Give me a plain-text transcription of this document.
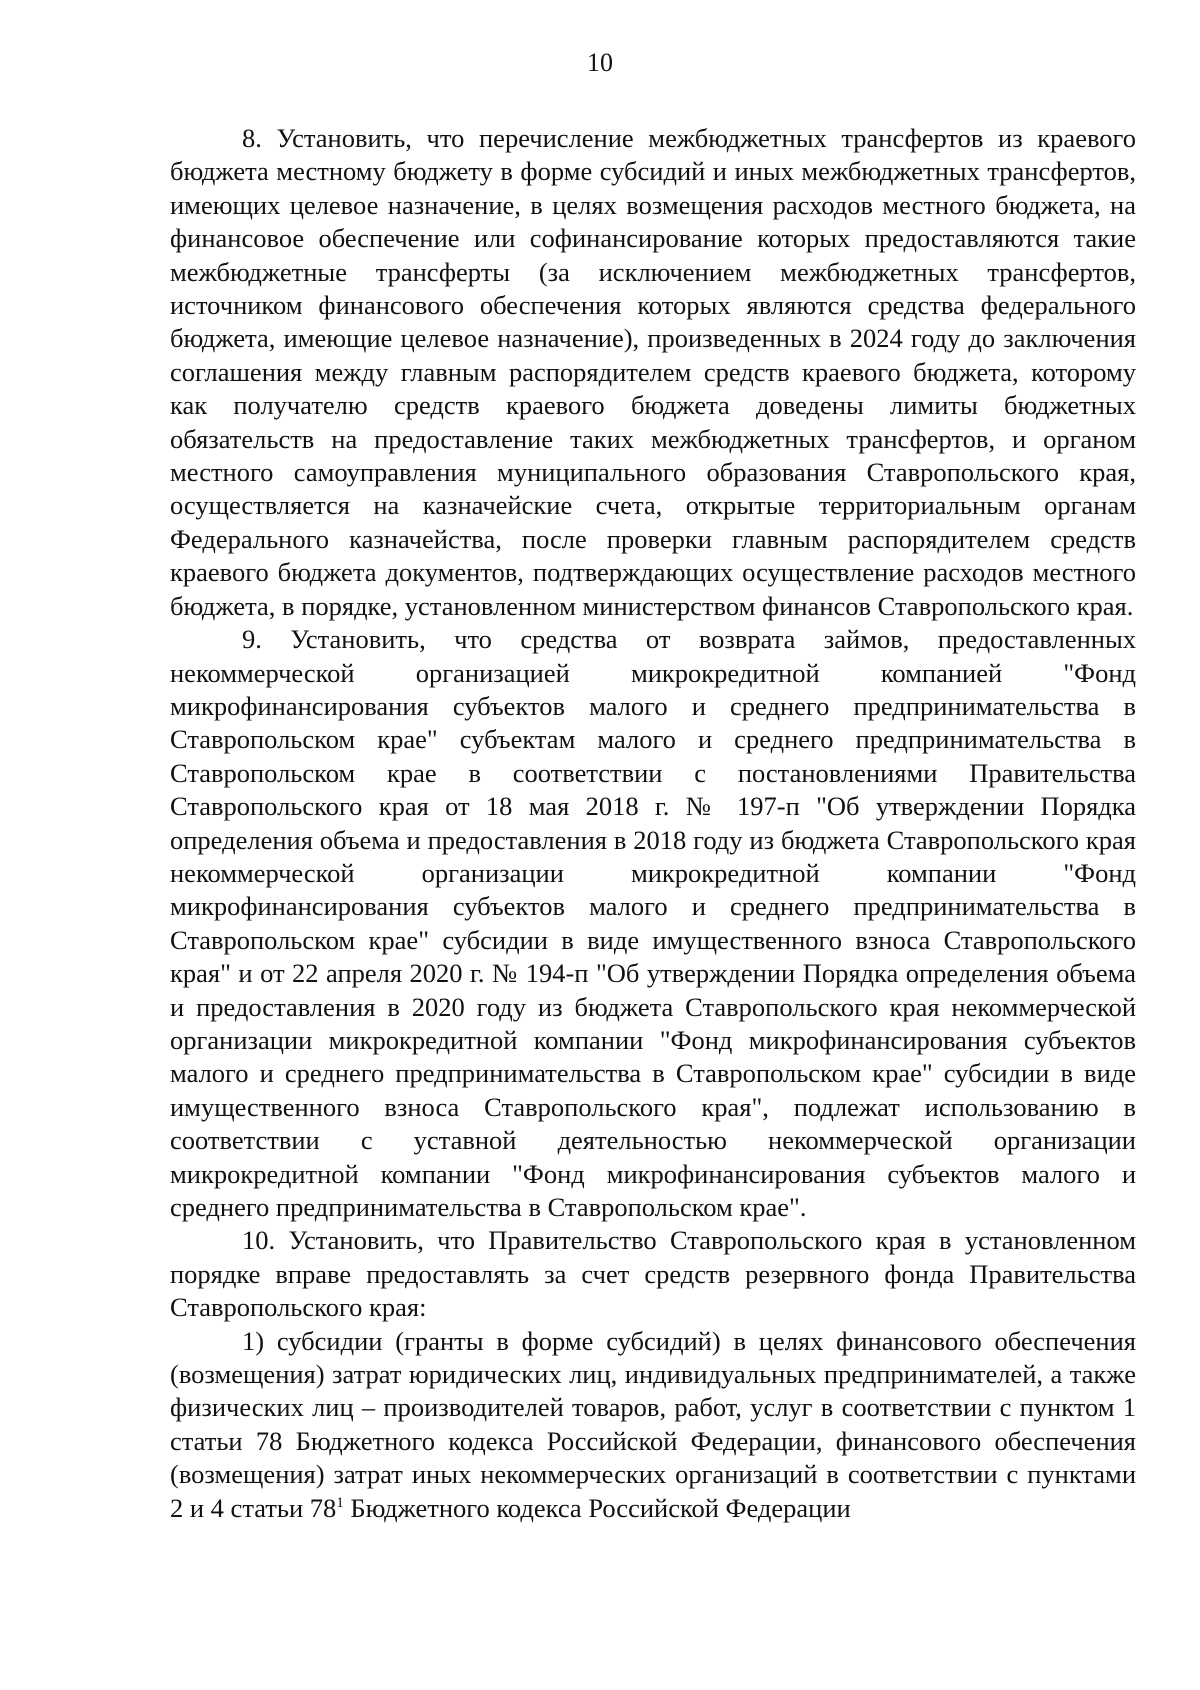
10

8. Установить, что перечисление межбюджетных трансфертов из краевого бюджета местному бюджету в форме субсидий и иных межбюджетных трансфертов, имеющих целевое назначение, в целях возмещения расходов местного бюджета, на финансовое обеспечение или софинансирование которых предоставляются такие межбюджетные трансферты (за исключением межбюджетных трансфертов, источником финансового обеспечения которых являются средства федерального бюджета, имеющие целевое назначение), произведенных в 2024 году до заключения соглашения между главным распорядителем средств краевого бюджета, которому как получателю средств краевого бюджета доведены лимиты бюджетных обязательств на предоставление таких межбюджетных трансфертов, и органом местного самоуправления муниципального образования Ставропольского края, осуществляется на казначейские счета, открытые территориальным органам Федерального казначейства, после проверки главным распорядителем средств краевого бюджета документов, подтверждающих осуществление расходов местного бюджета, в порядке, установленном министерством финансов Ставропольского края.

9. Установить, что средства от возврата займов, предоставленных некоммерческой организацией микрокредитной компанией "Фонд микрофинансирования субъектов малого и среднего предпринимательства в Ставропольском крае" субъектам малого и среднего предпринимательства в Ставропольском крае в соответствии с постановлениями Правительства Ставропольского края от 18 мая 2018 г. № 197-п "Об утверждении Порядка определения объема и предоставления в 2018 году из бюджета Ставропольского края некоммерческой организации микрокредитной компании "Фонд микрофинансирования субъектов малого и среднего предпринимательства в Ставропольском крае" субсидии в виде имущественного взноса Ставропольского края" и от 22 апреля 2020 г. № 194-п "Об утверждении Порядка определения объема и предоставления в 2020 году из бюджета Ставропольского края некоммерческой организации микрокредитной компании "Фонд микрофинансирования субъектов малого и среднего предпринимательства в Ставропольском крае" субсидии в виде имущественного взноса Ставропольского края", подлежат использованию в соответствии с уставной деятельностью некоммерческой организации микрокредитной компании "Фонд микрофинансирования субъектов малого и среднего предпринимательства в Ставропольском крае".

10. Установить, что Правительство Ставропольского края в установленном порядке вправе предоставлять за счет средств резервного фонда Правительства Ставропольского края:

1) субсидии (гранты в форме субсидий) в целях финансового обеспечения (возмещения) затрат юридических лиц, индивидуальных предпринимателей, а также физических лиц – производителей товаров, работ, услуг в соответствии с пунктом 1 статьи 78 Бюджетного кодекса Российской Федерации, финансового обеспечения (возмещения) затрат иных некоммерческих организаций в соответствии с пунктами 2 и 4 статьи $78^1$ Бюджетного кодекса Российской Федерации
